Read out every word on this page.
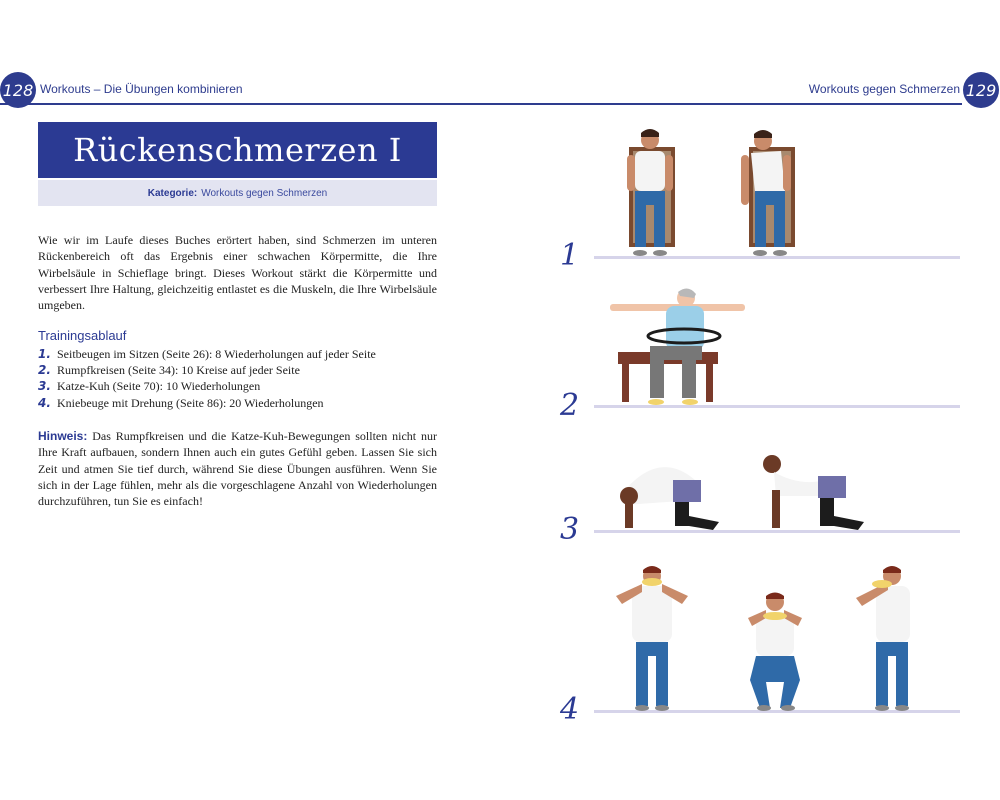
128 Workouts – Die Übungen kombinieren	Workouts gegen Schmerzen 129
Rückenschmerzen I
Kategorie: Workouts gegen Schmerzen
Wie wir im Laufe dieses Buches erörtert haben, sind Schmerzen im unteren Rückenbereich oft das Ergebnis einer schwachen Körpermitte, die Ihre Wirbelsäule in Schieflage bringt. Dieses Workout stärkt die Körpermitte und verbessert Ihre Haltung, gleichzeitig entlastet es die Muskeln, die Ihre Wirbelsäule umgeben.
Trainingsablauf
1. Seitbeugen im Sitzen (Seite 26): 8 Wiederholungen auf jeder Seite
2. Rumpfkreisen (Seite 34): 10 Kreise auf jeder Seite
3. Katze-Kuh (Seite 70): 10 Wiederholungen
4. Kniebeuge mit Drehung (Seite 86): 20 Wiederholungen
Hinweis: Das Rumpfkreisen und die Katze-Kuh-Bewegungen sollten nicht nur Ihre Kraft aufbauen, sondern Ihnen auch ein gutes Gefühl geben. Lassen Sie sich Zeit und atmen Sie tief durch, während Sie diese Übungen ausführen. Wenn Sie sich in der Lage fühlen, mehr als die vorgeschlagene Anzahl von Wiederholungen durchzuführen, tun Sie es einfach!
1
2
3
4
